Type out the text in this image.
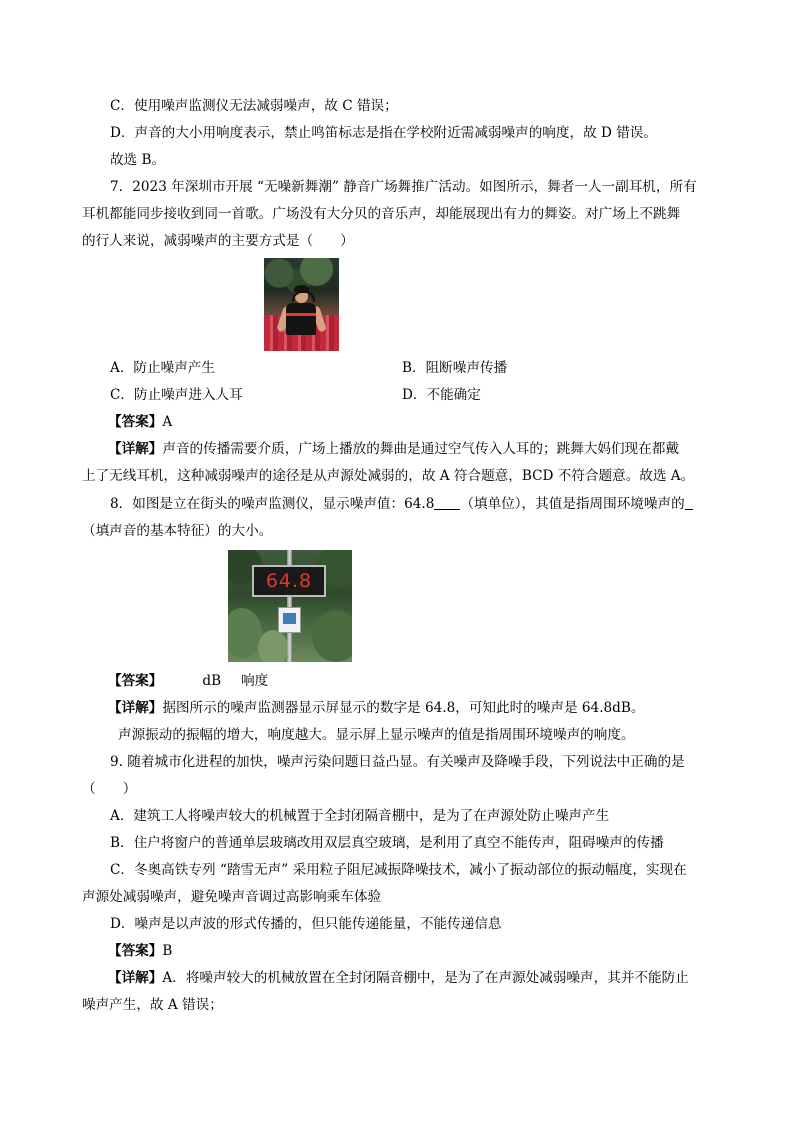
C．使用噪声监测仪无法减弱噪声，故 C 错误；
D．声音的大小用响度表示，禁止鸣笛标志是指在学校附近需减弱噪声的响度，故 D 错误。
故选 B。
7．2023 年深圳市开展 “无噪新舞潮” 静音广场舞推广活动。如图所示，舞者一人一副耳机，所有
耳机都能同步接收到同一首歌。广场没有大分贝的音乐声，却能展现出有力的舞姿。对广场上不跳舞
的行人来说，减弱噪声的主要方式是（　　）
A．防止噪声产生	B．阻断噪声传播
C．防止噪声进入人耳	D．不能确定
【答案】A
【详解】声音的传播需要介质，广场上播放的舞曲是通过空气传入人耳的；跳舞大妈们现在都戴
上了无线耳机，这种减弱噪声的途径是从声源处减弱的，故 A 符合题意，BCD 不符合题意。故选 A。
8．如图是立在街头的噪声监测仪，显示噪声值：64.8 （填单位），其值是指周围环境噪声的
（填声音的基本特征）的大小。
64.8
【答案】	dB 响度
【详解】据图所示的噪声监测器显示屏显示的数字是 64.8，可知此时的噪声是 64.8dB。
声源振动的振幅的增大，响度越大。显示屏上显示噪声的值是指周围环境噪声的响度。
9. 随着城市化进程的加快，噪声污染问题日益凸显。有关噪声及降噪手段，下列说法中正确的是
（　　）
A．建筑工人将噪声较大的机械置于全封闭隔音棚中，是为了在声源处防止噪声产生
B．住户将窗户的普通单层玻璃改用双层真空玻璃，是利用了真空不能传声，阻碍噪声的传播
C．冬奥高铁专列 “踏雪无声” 采用粒子阻尼减振降噪技术，减小了振动部位的振动幅度，实现在
声源处减弱噪声，避免噪声音调过高影响乘车体验
D．噪声是以声波的形式传播的，但只能传递能量，不能传递信息
【答案】B
【详解】A．将噪声较大的机械放置在全封闭隔音棚中，是为了在声源处减弱噪声，其并不能防止
噪声产生，故 A 错误；
